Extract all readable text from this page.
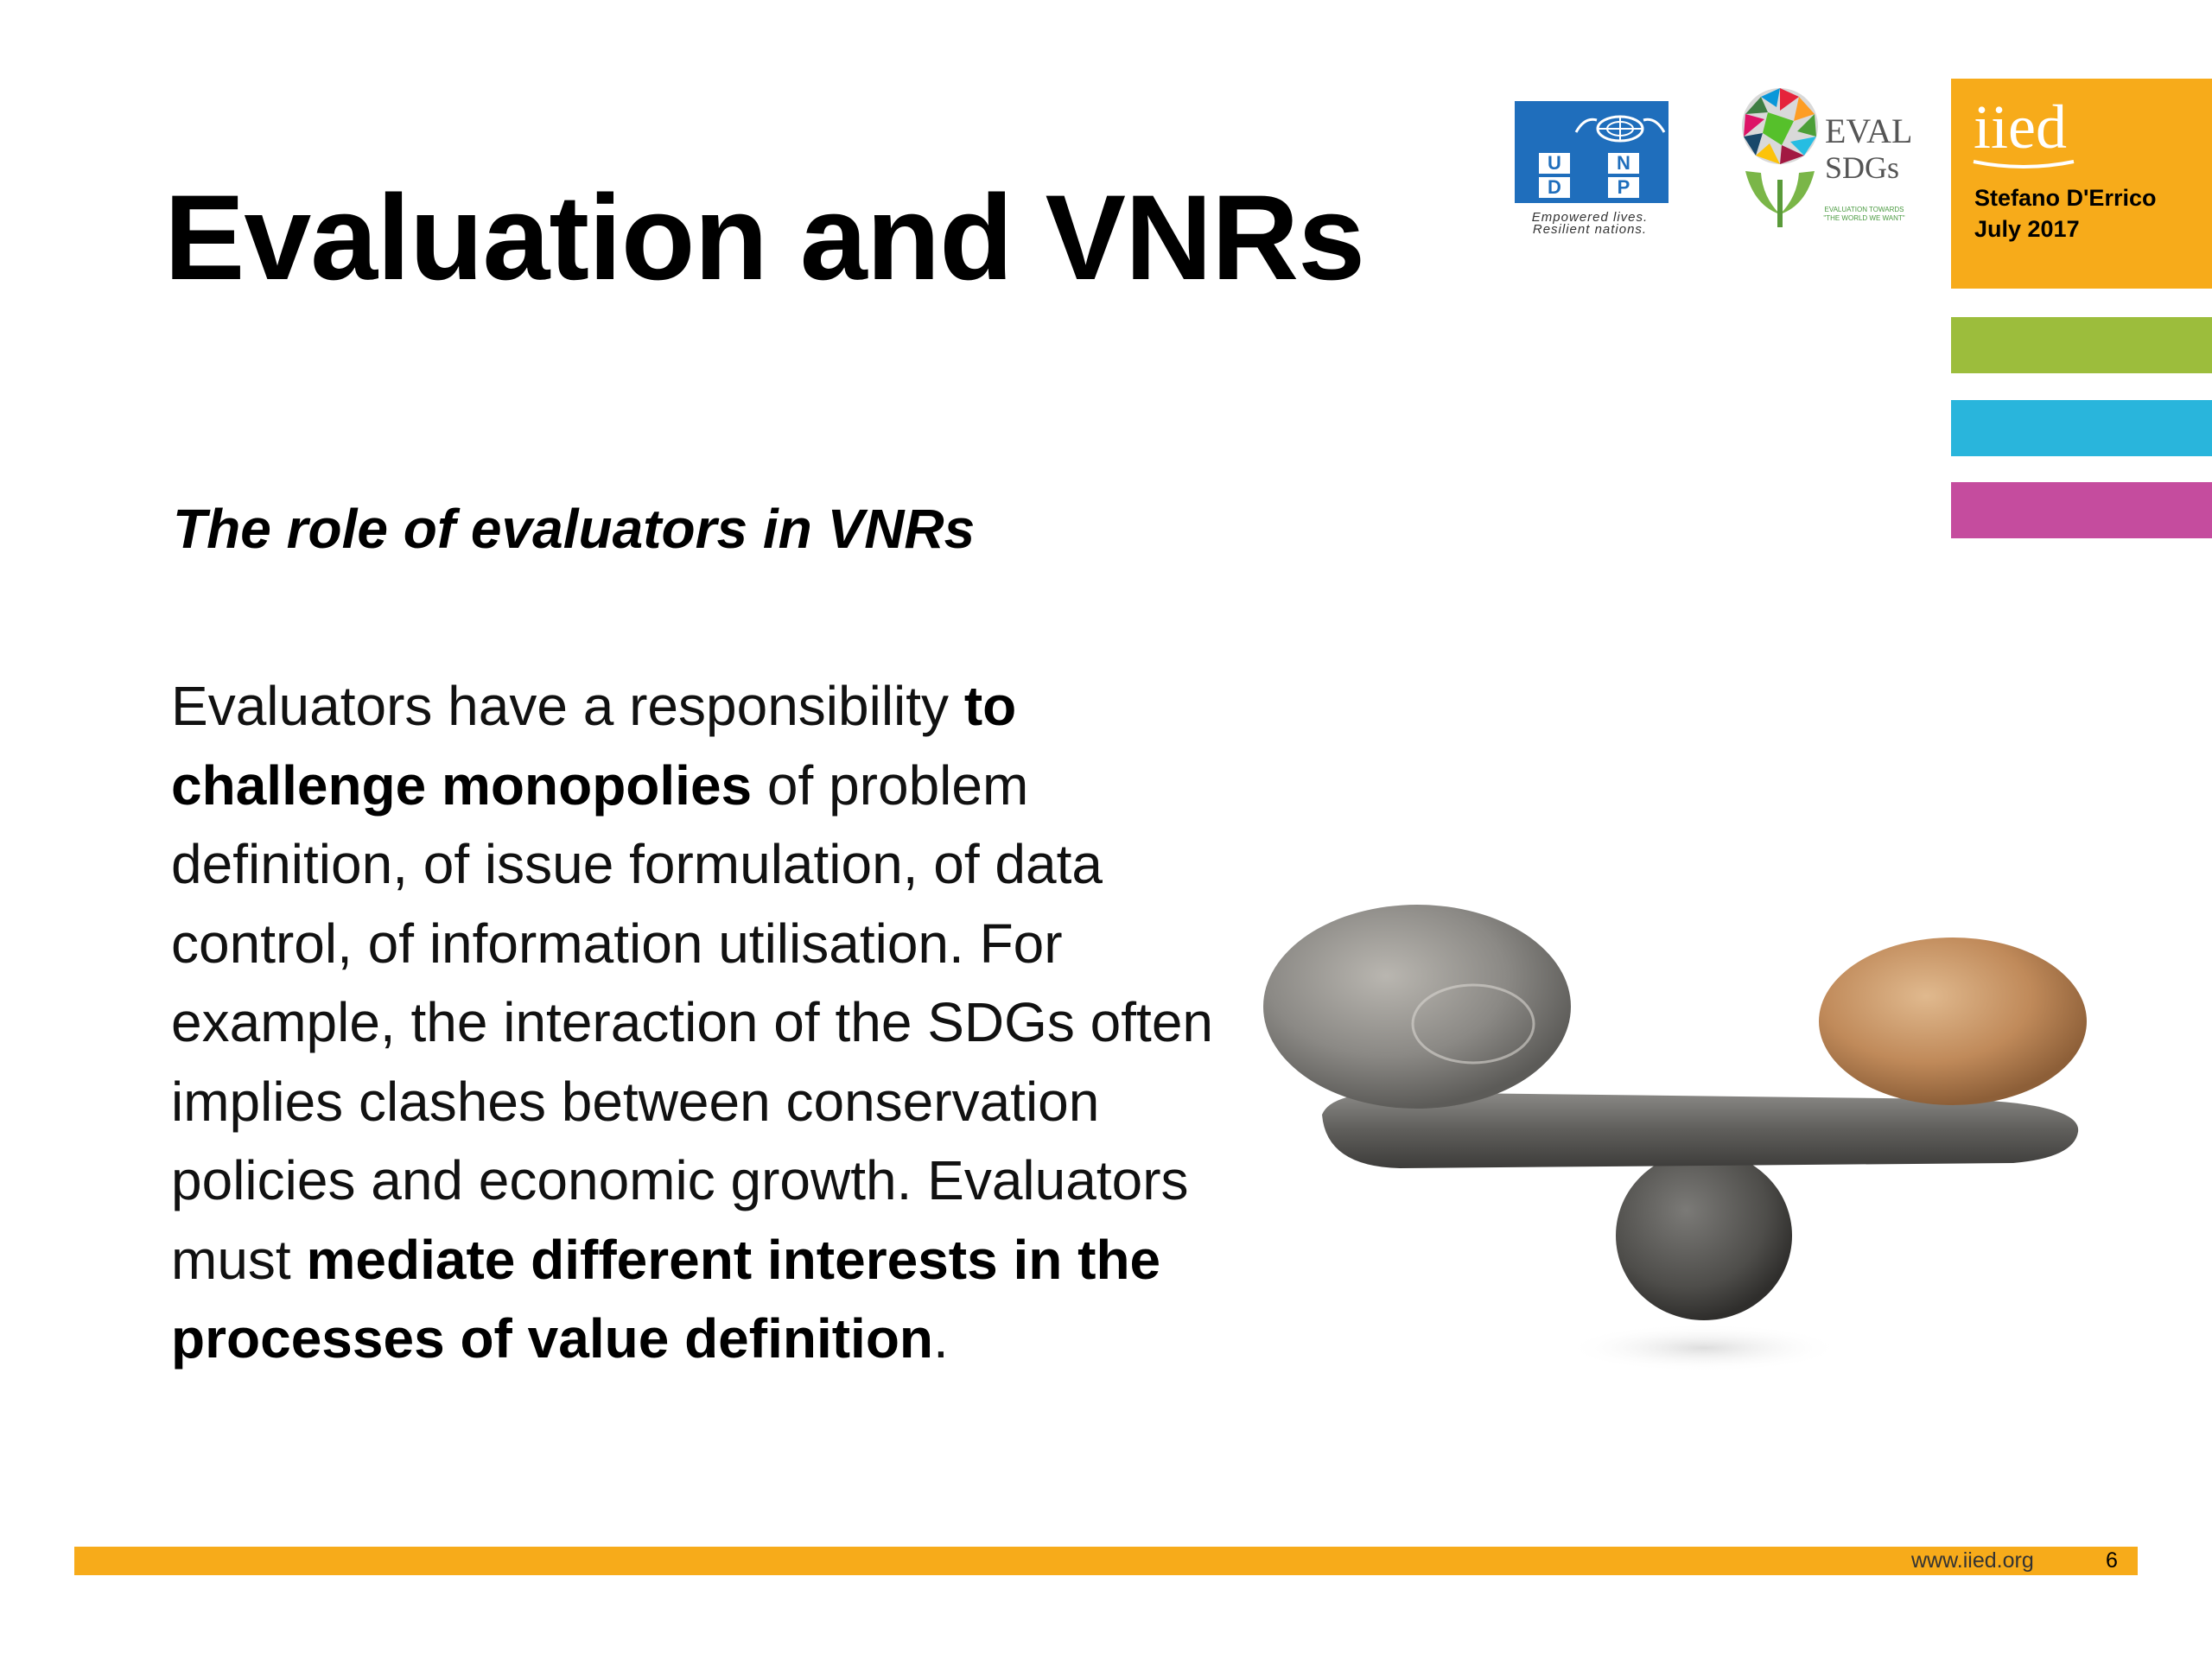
Evaluation and VNRs
U	N
D	P
Empowered lives.
Resilient nations.
EVAL
SDGs
EVALUATION TOWARDS
"THE WORLD WE WANT"
iied
Stefano D'Errico
July 2017
The role of evaluators in VNRs

Evaluators have a responsibility to challenge monopolies of problem definition, of issue formulation, of data control, of information utilisation. For example, the interaction of the SDGs often implies clashes between conservation policies and economic growth. Evaluators must mediate different interests in the processes of value definition.

www.iied.org	6
